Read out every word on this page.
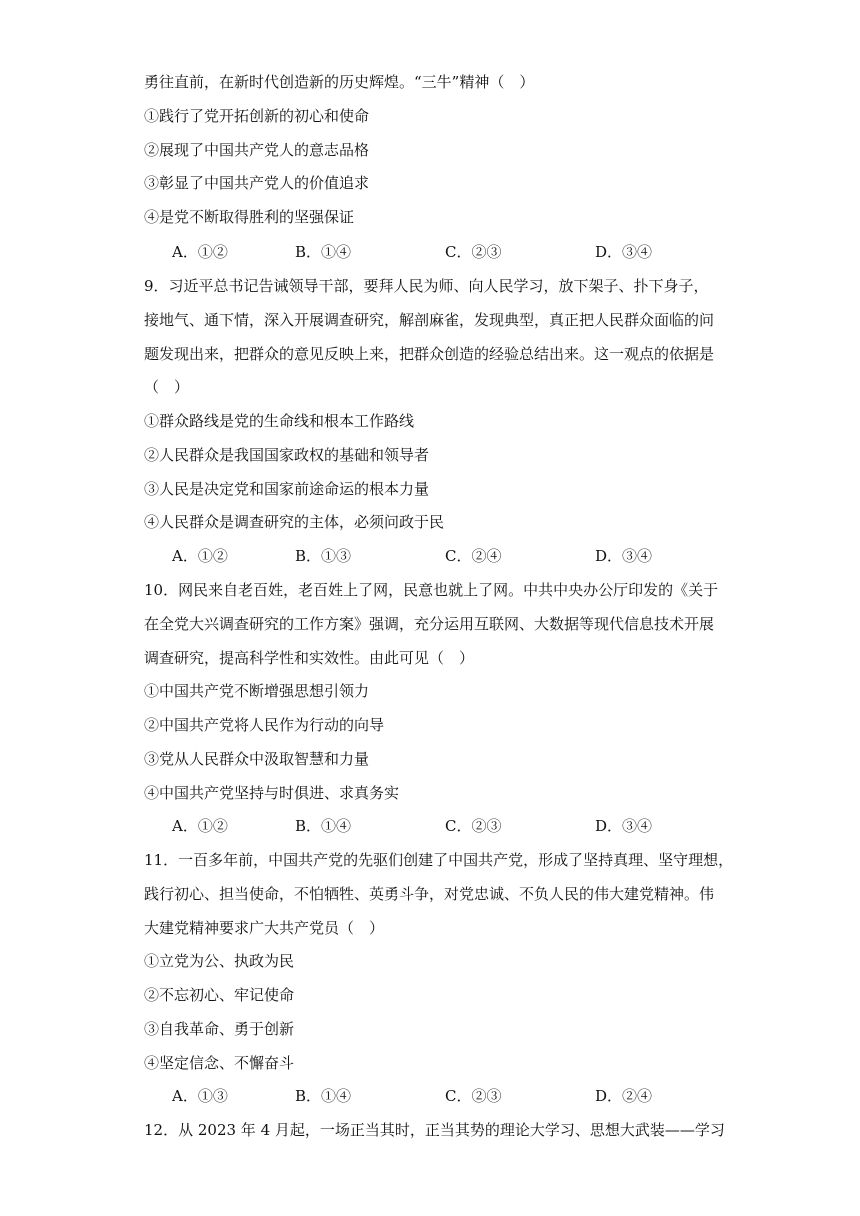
勇往直前，在新时代创造新的历史辉煌。“三牛”精神（　）
①践行了党开拓创新的初心和使命
②展现了中国共产党人的意志品格
③彰显了中国共产党人的价值追求
④是党不断取得胜利的坚强保证
A．①②	B．①④	C．②③	D．③④
9．习近平总书记告诫领导干部，要拜人民为师、向人民学习，放下架子、扑下身子，
接地气、通下情，深入开展调查研究，解剖麻雀，发现典型，真正把人民群众面临的问
题发现出来，把群众的意见反映上来，把群众创造的经验总结出来。这一观点的依据是
（　）
①群众路线是党的生命线和根本工作路线
②人民群众是我国国家政权的基础和领导者
③人民是决定党和国家前途命运的根本力量
④人民群众是调查研究的主体，必须问政于民
A．①②	B．①③	C．②④	D．③④
10．网民来自老百姓，老百姓上了网，民意也就上了网。中共中央办公厅印发的《关于
在全党大兴调查研究的工作方案》强调，充分运用互联网、大数据等现代信息技术开展
调查研究，提高科学性和实效性。由此可见（　）
①中国共产党不断增强思想引领力
②中国共产党将人民作为行动的向导
③党从人民群众中汲取智慧和力量
④中国共产党坚持与时俱进、求真务实
A．①②	B．①④	C．②③	D．③④
11．一百多年前，中国共产党的先驱们创建了中国共产党，形成了坚持真理、坚守理想，
践行初心、担当使命，不怕牺牲、英勇斗争，对党忠诚、不负人民的伟大建党精神。伟
大建党精神要求广大共产党员（　）
①立党为公、执政为民
②不忘初心、牢记使命
③自我革命、勇于创新
④坚定信念、不懈奋斗
A．①③	B．①④	C．②③	D．②④
12．从 2023 年 4 月起，一场正当其时，正当其势的理论大学习、思想大武装——学习
